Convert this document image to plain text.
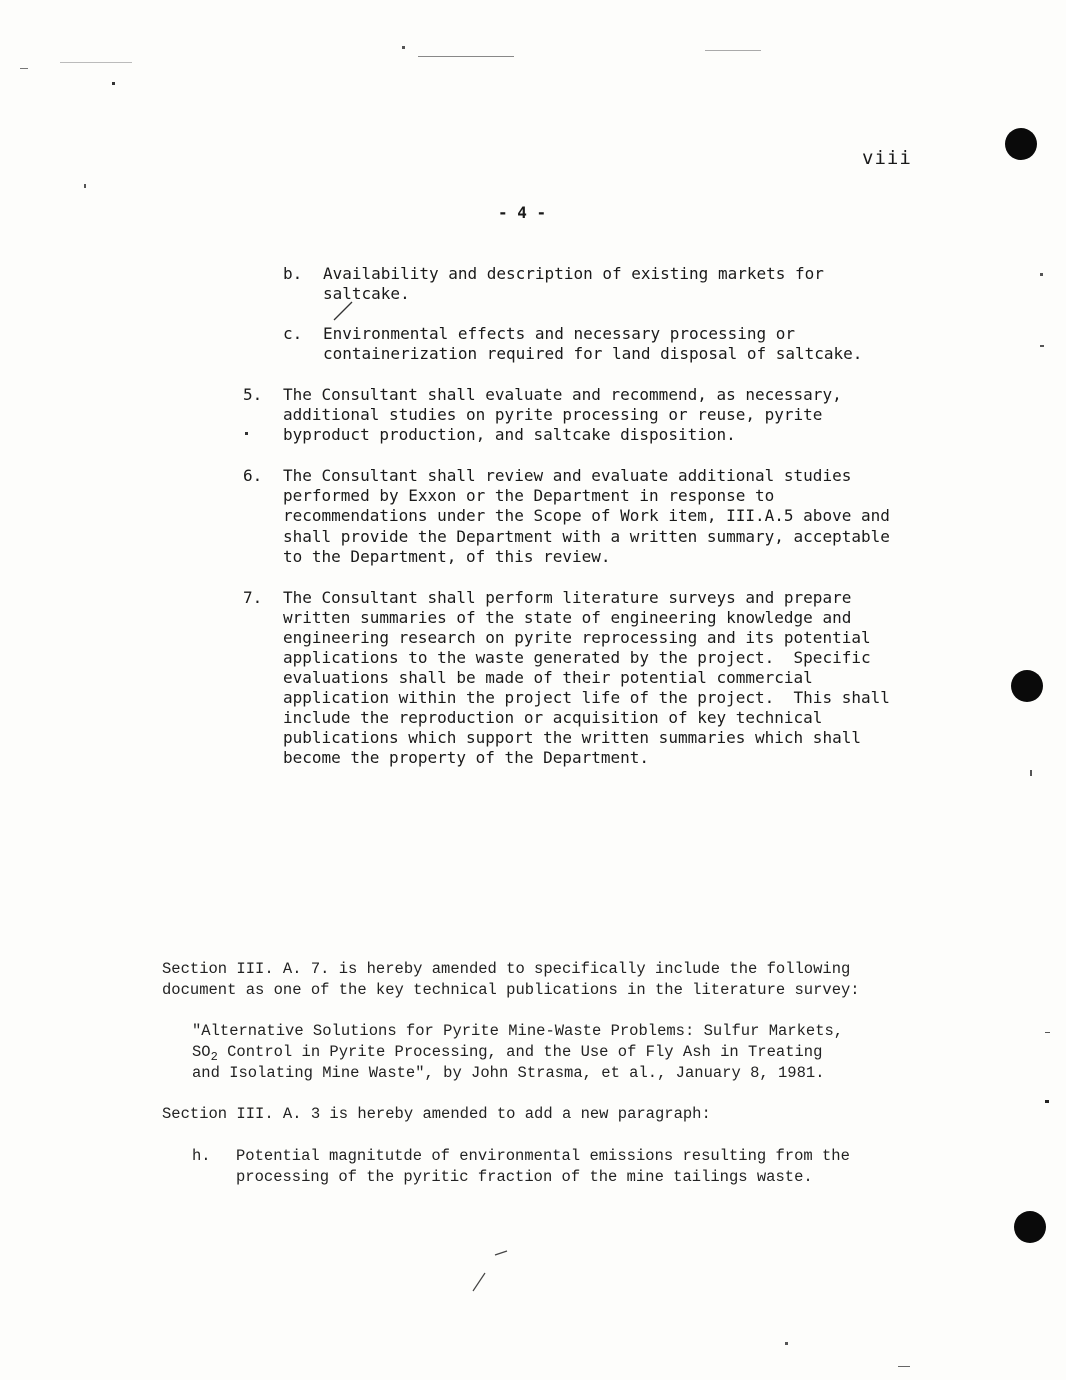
viii
- 4 -
b. Availability and description of existing markets for
saltcake.
c. Environmental effects and necessary processing or
containerization required for land disposal of saltcake.
5. The Consultant shall evaluate and recommend, as necessary,
additional studies on pyrite processing or reuse, pyrite
byproduct production, and saltcake disposition.
6. The Consultant shall review and evaluate additional studies
performed by Exxon or the Department in response to
recommendations under the Scope of Work item, III.A.5 above and
shall provide the Department with a written summary, acceptable
to the Department, of this review.
7. The Consultant shall perform literature surveys and prepare
written summaries of the state of engineering knowledge and
engineering research on pyrite reprocessing and its potential
applications to the waste generated by the project.  Specific
evaluations shall be made of their potential commercial
application within the project life of the project.  This shall
include the reproduction or acquisition of key technical
publications which support the written summaries which shall
become the property of the Department.
Section III. A. 7. is hereby amended to specifically include the following
document as one of the key technical publications in the literature survey:
"Alternative Solutions for Pyrite Mine-Waste Problems: Sulfur Markets,
$SO_2$ Control in Pyrite Processing, and the Use of Fly Ash in Treating
and Isolating Mine Waste", by John Strasma, et al., January 8, 1981.
Section III. A. 3 is hereby amended to add a new paragraph:
h. Potential magnitutde of environmental emissions resulting from the
processing of the pyritic fraction of the mine tailings waste.
